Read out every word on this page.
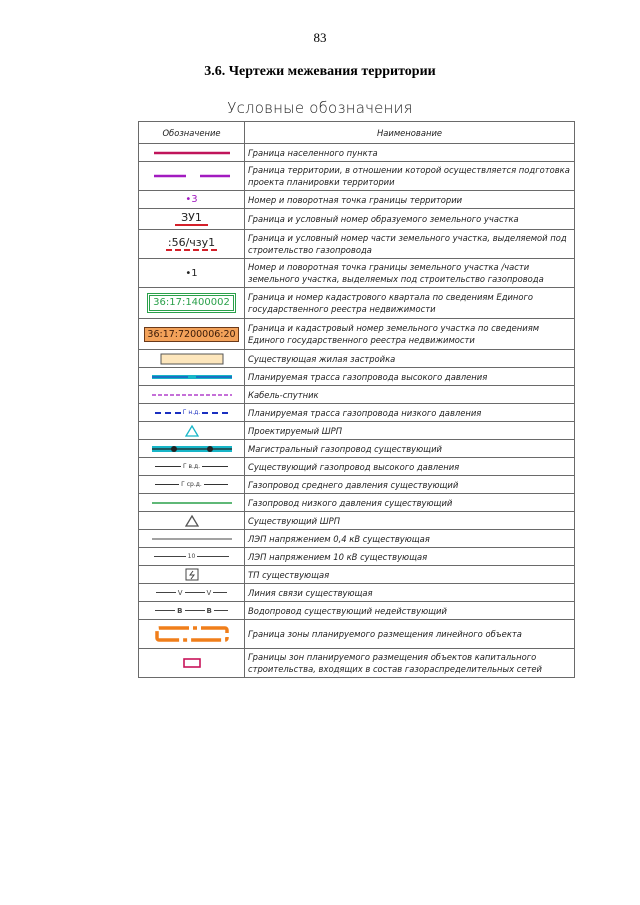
83
3.6. Чертежи межевания территории
Условные обозначения
Обозначение	Наименование

	Граница населенного пункта

	Граница территории, в отношении которой осуществляется подготовка проекта планировки территории
•3	Номер и поворотная точка границы территории
ЗУ1	Граница и условный номер образуемого земельного участка
:56/чзу1	Граница и условный номер части земельного участка, выделяемой под строительство газопровода
•1	Номер и поворотная точка границы земельного участка /части земельного участка, выделяемых под строительство газопровода
36:17:1400002	Граница и номер кадастрового квартала по сведениям Единого государственного реестра недвижимости
36:17:7200006:20	Граница и кадастровый номер земельного участка по сведениям Единого государственного реестра недвижимости

	Существующая жилая застройка

	Планируемая трасса газопровода высокого давления

	Кабель-спутник

Г н.д.	Планируемая трасса газопровода низкого давления

	Проектируемый ШРП

	Магистральный газопровод существующий

Г в.д.	Существующий газопровод высокого давления

Г ср.д.	Газопровод среднего давления существующий

	Газопровод низкого давления существующий

	Существующий ШРП

	ЛЭП напряжением 0,4 кВ существующая

10	ЛЭП напряжением 10 кВ существующая

	ТП существующая

V V	Линия связи существующая

В В	Водопровод существующий недействующий

	Граница зоны планируемого размещения линейного объекта

	Границы зон планируемого размещения объектов капитального строительства, входящих в состав газораспределительных сетей
